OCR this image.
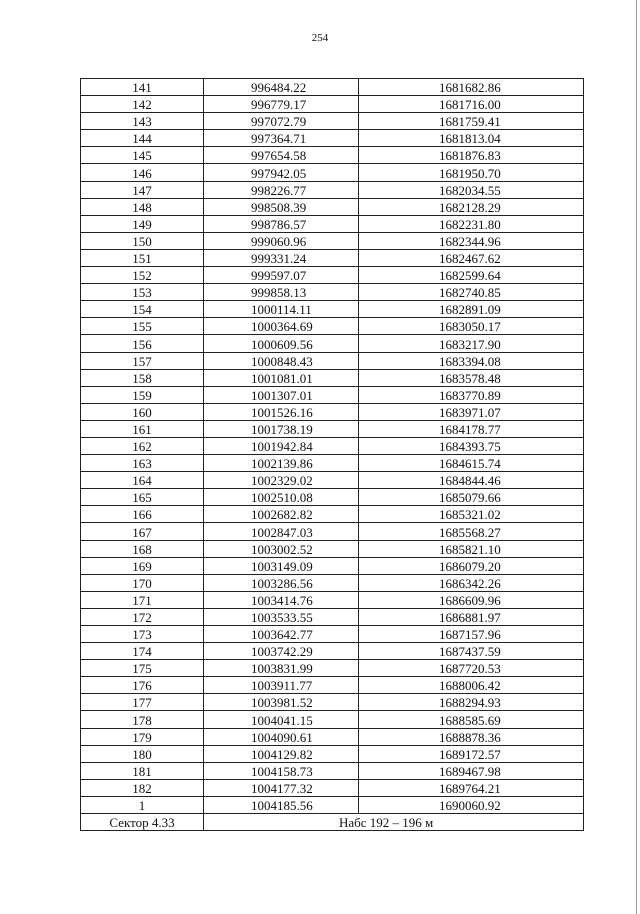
254
141	996484.22	1681682.86
142	996779.17	1681716.00
143	997072.79	1681759.41
144	997364.71	1681813.04
145	997654.58	1681876.83
146	997942.05	1681950.70
147	998226.77	1682034.55
148	998508.39	1682128.29
149	998786.57	1682231.80
150	999060.96	1682344.96
151	999331.24	1682467.62
152	999597.07	1682599.64
153	999858.13	1682740.85
154	1000114.11	1682891.09
155	1000364.69	1683050.17
156	1000609.56	1683217.90
157	1000848.43	1683394.08
158	1001081.01	1683578.48
159	1001307.01	1683770.89
160	1001526.16	1683971.07
161	1001738.19	1684178.77
162	1001942.84	1684393.75
163	1002139.86	1684615.74
164	1002329.02	1684844.46
165	1002510.08	1685079.66
166	1002682.82	1685321.02
167	1002847.03	1685568.27
168	1003002.52	1685821.10
169	1003149.09	1686079.20
170	1003286.56	1686342.26
171	1003414.76	1686609.96
172	1003533.55	1686881.97
173	1003642.77	1687157.96
174	1003742.29	1687437.59
175	1003831.99	1687720.53
176	1003911.77	1688006.42
177	1003981.52	1688294.93
178	1004041.15	1688585.69
179	1004090.61	1688878.36
180	1004129.82	1689172.57
181	1004158.73	1689467.98
182	1004177.32	1689764.21
1	1004185.56	1690060.92
Сектор 4.33	Набс 192 – 196 м	
